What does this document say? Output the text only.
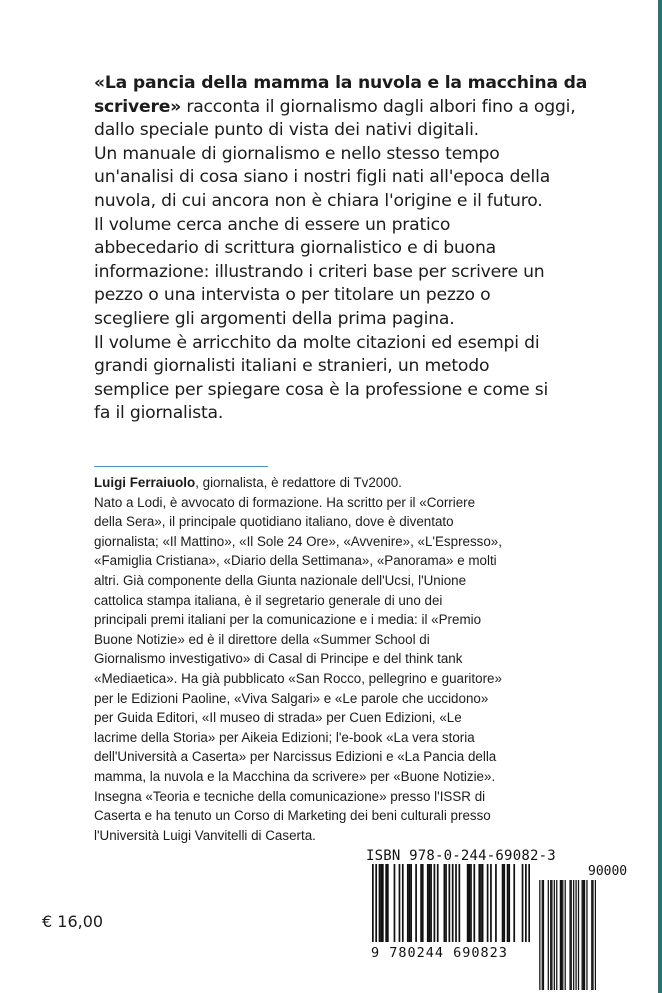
«La pancia della mamma la nuvola e la macchina da
scrivere» racconta il giornalismo dagli albori fino a oggi,
dallo speciale punto di vista dei nativi digitali.
Un manuale di giornalismo e nello stesso tempo
un'analisi di cosa siano i nostri figli nati all'epoca della
nuvola, di cui ancora non è chiara l'origine e il futuro.
Il volume cerca anche di essere un pratico
abbecedario di scrittura giornalistico e di buona
informazione: illustrando i criteri base per scrivere un
pezzo o una intervista o per titolare un pezzo o
scegliere gli argomenti della prima pagina.
Il volume è arricchito da molte citazioni ed esempi di
grandi giornalisti italiani e stranieri, un metodo
semplice per spiegare cosa è la professione e come si
fa il giornalista.
Luigi Ferraiuolo, giornalista, è redattore di Tv2000.
Nato a Lodi, è avvocato di formazione. Ha scritto per il «Corriere
della Sera», il principale quotidiano italiano, dove è diventato
giornalista; «Il Mattino», «Il Sole 24 Ore», «Avvenire», «L'Espresso»,
«Famiglia Cristiana», «Diario della Settimana», «Panorama» e molti
altri. Già componente della Giunta nazionale dell'Ucsi, l'Unione
cattolica stampa italiana, è il segretario generale di uno dei
principali premi italiani per la comunicazione e i media: il «Premio
Buone Notizie» ed è il direttore della «Summer School di
Giornalismo investigativo» di Casal di Principe e del think tank
«Mediaetica». Ha già pubblicato «San Rocco, pellegrino e guaritore»
per le Edizioni Paoline, «Viva Salgari» e «Le parole che uccidono»
per Guida Editori, «Il museo di strada» per Cuen Edizioni, «Le
lacrime della Storia» per Aikeia Edizioni; l'e-book «La vera storia
dell'Università a Caserta» per Narcissus Edizioni e «La Pancia della
mamma, la nuvola e la Macchina da scrivere» per «Buone Notizie».
Insegna «Teoria e tecniche della comunicazione» presso l'ISSR di
Caserta e ha tenuto un Corso di Marketing dei beni culturali presso
l'Università Luigi Vanvitelli di Caserta.
€ 16,00
ISBN 978-0-244-69082-3
90000
9 780244 690823
